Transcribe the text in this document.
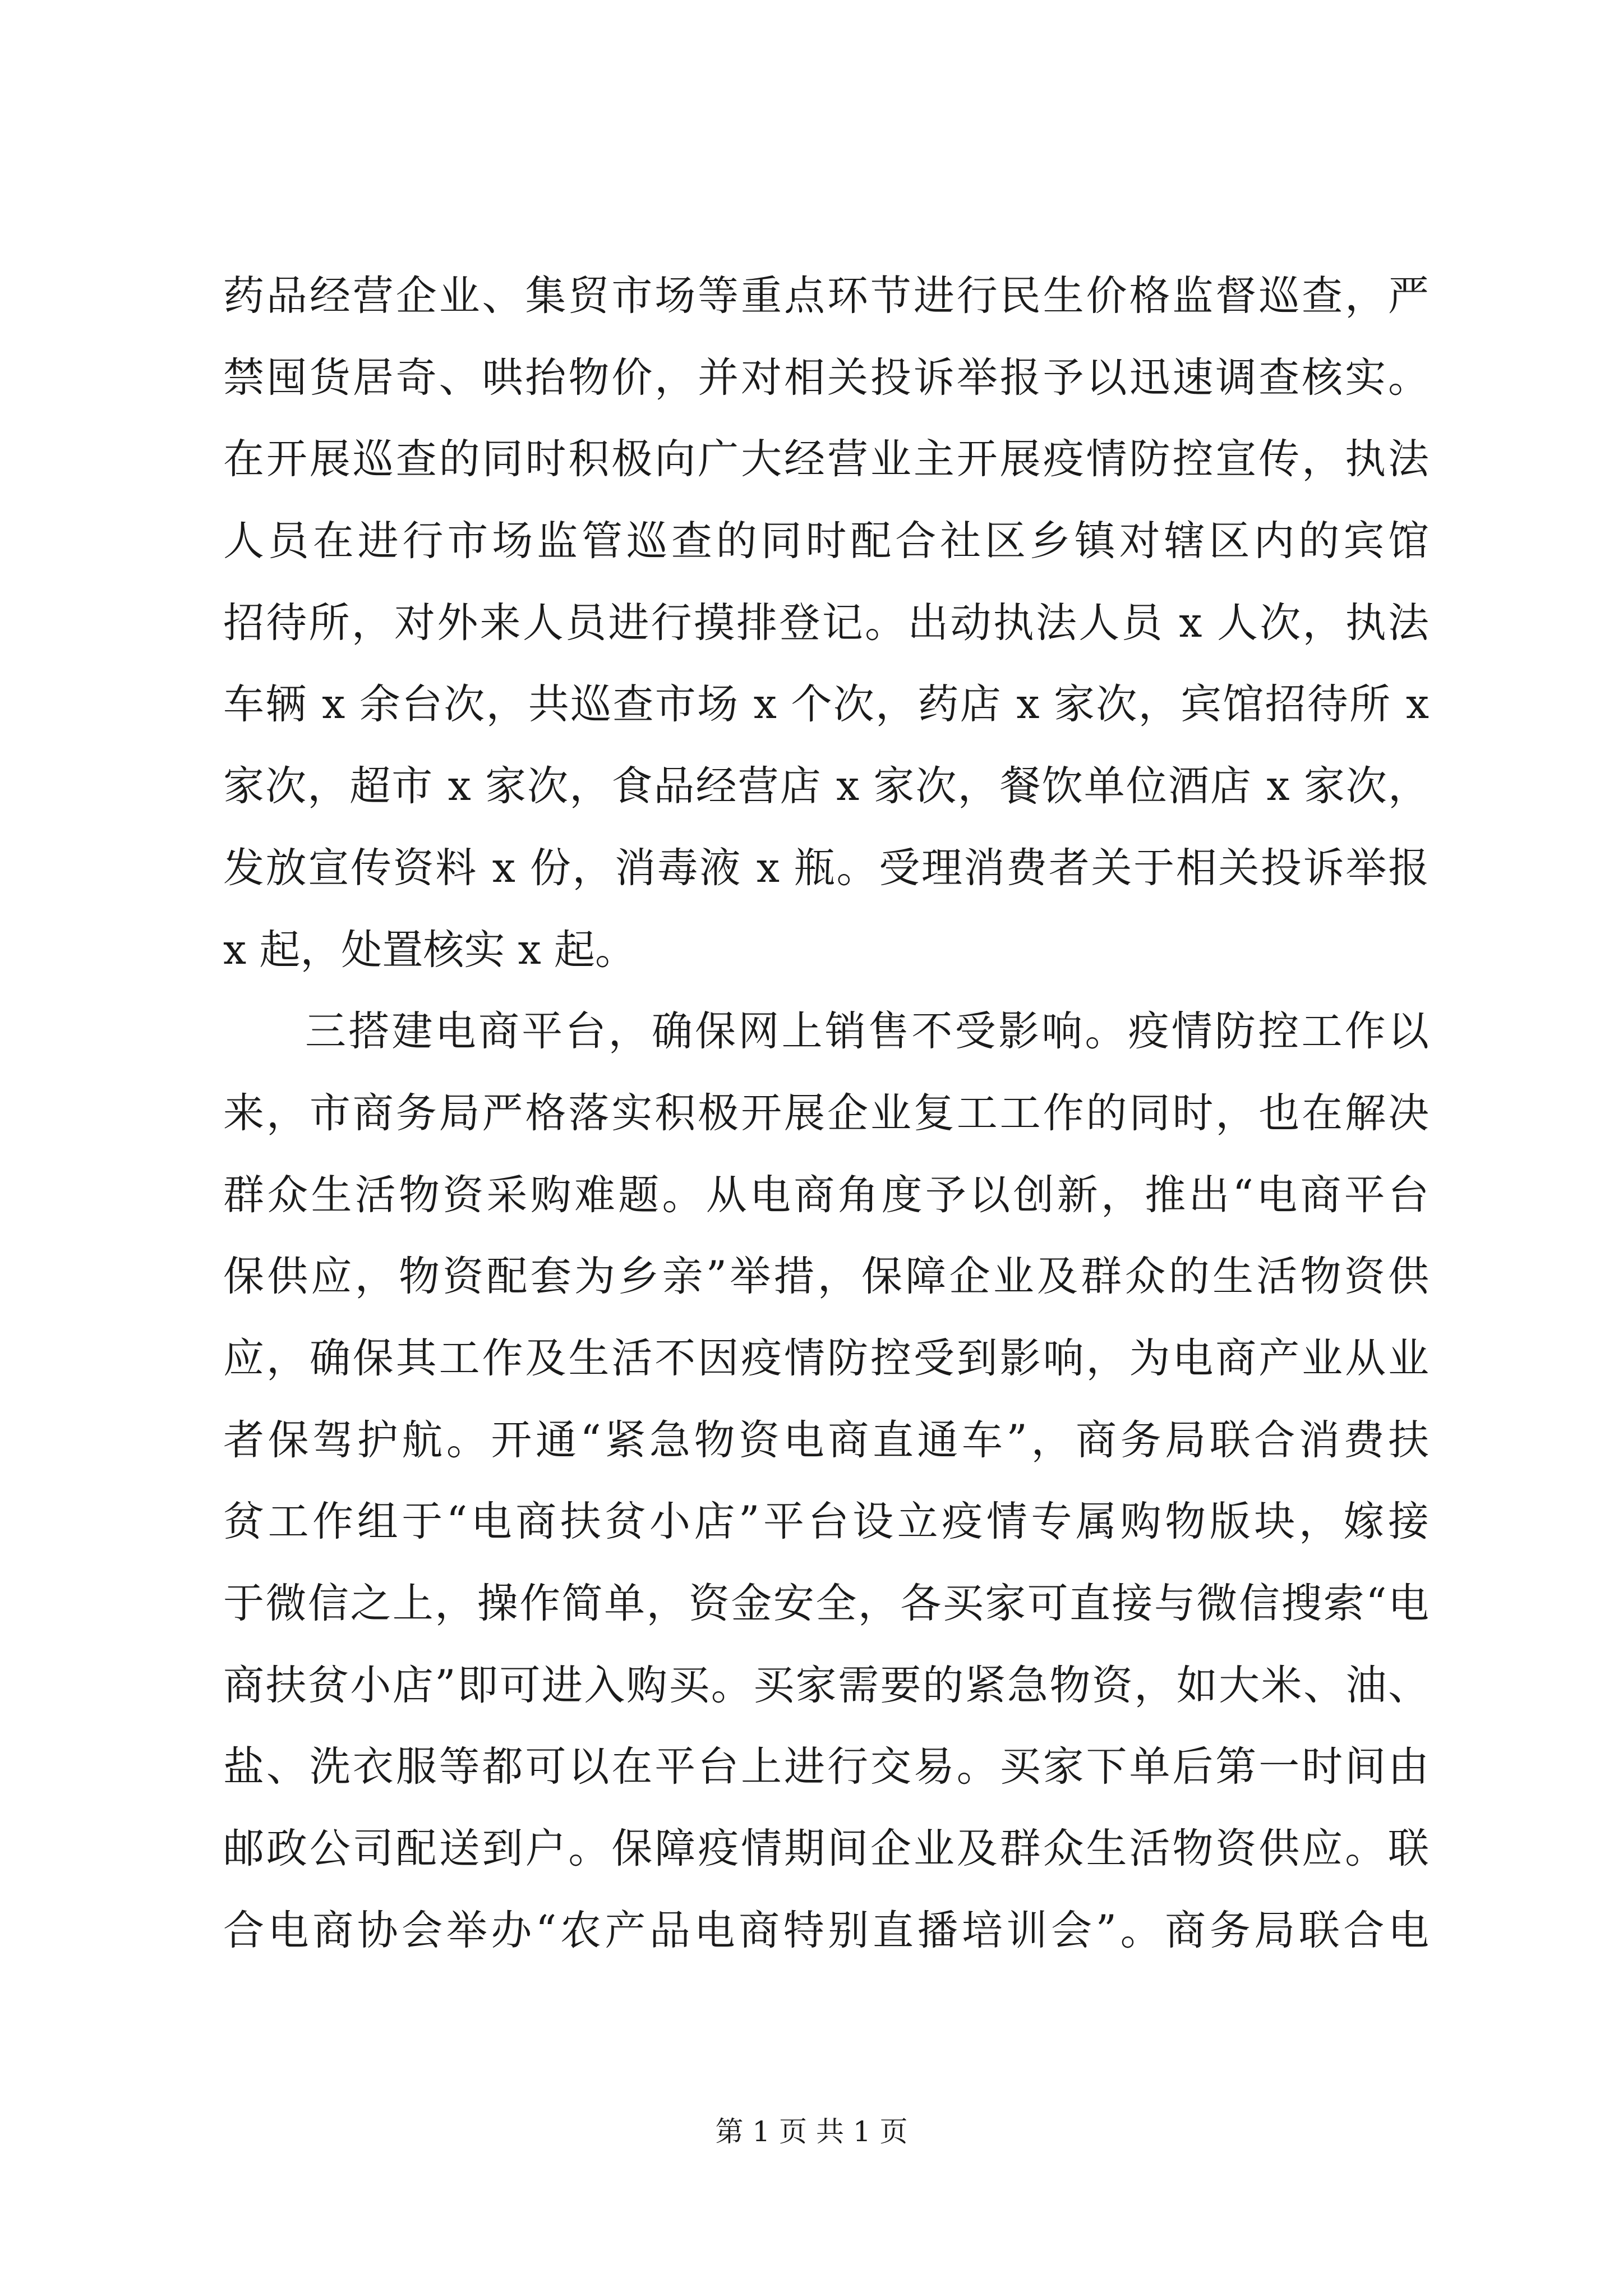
药品经营企业、集贸市场等重点环节进行民生价格监督巡查，严
禁囤货居奇、哄抬物价，并对相关投诉举报予以迅速调查核实。
在开展巡查的同时积极向广大经营业主开展疫情防控宣传，执法
人员在进行市场监管巡查的同时配合社区乡镇对辖区内的宾馆
招待所，对外来人员进行摸排登记。出动执法人员 x 人次，执法
车辆 x 余台次，共巡查市场 x 个次，药店 x 家次，宾馆招待所 x
家次，超市 x 家次，食品经营店 x 家次，餐饮单位酒店 x 家次，
发放宣传资料 x 份，消毒液 x 瓶。受理消费者关于相关投诉举报
x 起，处置核实 x 起。
三搭建电商平台，确保网上销售不受影响。疫情防控工作以
来，市商务局严格落实积极开展企业复工工作的同时，也在解决
群众生活物资采购难题。从电商角度予以创新，推出“电商平台
保供应，物资配套为乡亲”举措，保障企业及群众的生活物资供
应，确保其工作及生活不因疫情防控受到影响，为电商产业从业
者保驾护航。开通“紧急物资电商直通车”，商务局联合消费扶
贫工作组于“电商扶贫小店”平台设立疫情专属购物版块，嫁接
于微信之上，操作简单，资金安全，各买家可直接与微信搜索“电
商扶贫小店”即可进入购买。买家需要的紧急物资，如大米、油、
盐、洗衣服等都可以在平台上进行交易。买家下单后第一时间由
邮政公司配送到户。保障疫情期间企业及群众生活物资供应。联
合电商协会举办“农产品电商特别直播培训会”。商务局联合电
第 1 页 共 1 页
